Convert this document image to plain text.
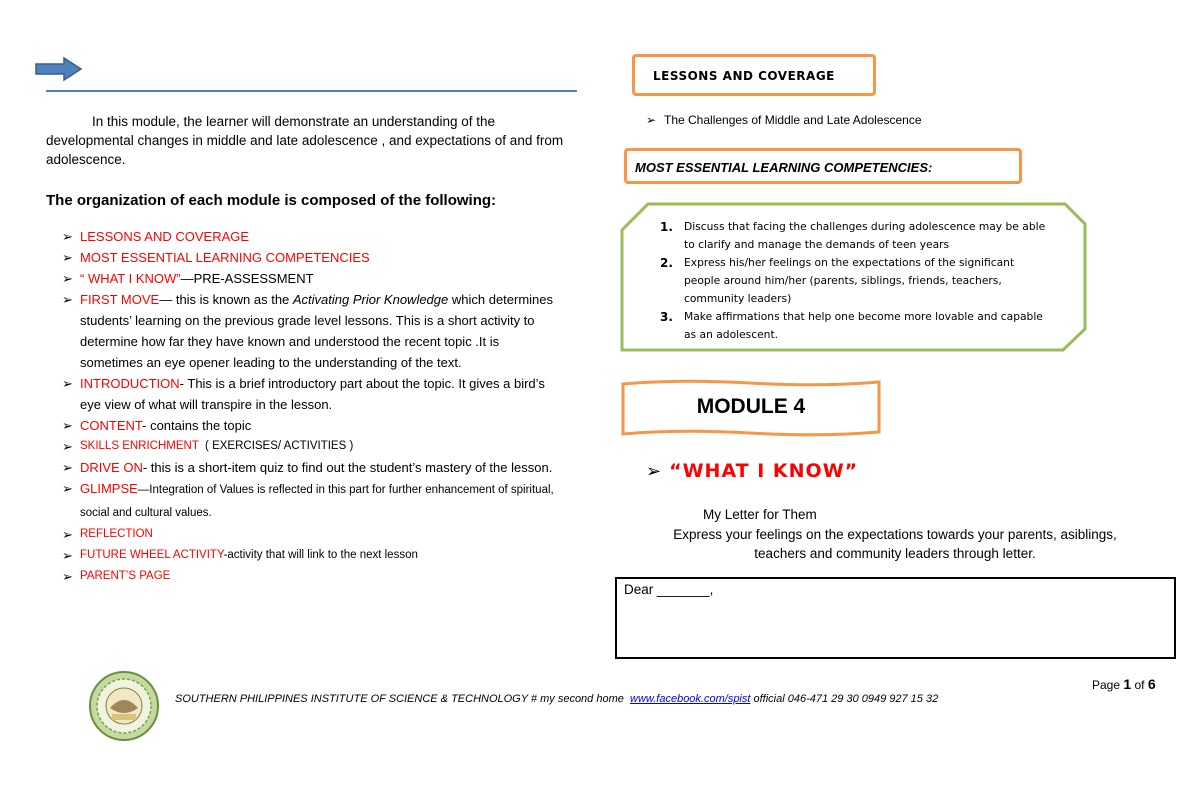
In this module, the learner will demonstrate an understanding of the developmental changes in middle and late adolescence , and expectations of and from adolescence.
The organization of each module is composed of the following:
➢ LESSONS AND COVERAGE
➢ MOST ESSENTIAL LEARNING COMPETENCIES
➢ “ WHAT I KNOW”—PRE-ASSESSMENT
➢ FIRST MOVE— this is known as the Activating Prior Knowledge which determines students’ learning on the previous grade level lessons. This is a short activity to determine how far they have known and understood the recent topic .It is sometimes an eye opener leading to the understanding of the text.
➢ INTRODUCTION- This is a brief introductory part about the topic. It gives a bird’s eye view of what will transpire in the lesson.
➢ CONTENT- contains the topic
➢ SKILLS ENRICHMENT  ( EXERCISES/ ACTIVITIES )
➢ DRIVE ON- this is a short-item quiz to find out the student’s mastery of the lesson.
➢ GLIMPSE—Integration of Values is reflected in this part for further enhancement of spiritual, social and cultural values.
➢ REFLECTION
➢ FUTURE WHEEL ACTIVITY-activity that will link to the next lesson
➢ PARENT’S PAGE
LESSONS AND COVERAGE
➢ The Challenges of Middle and Late Adolescence
MOST ESSENTIAL LEARNING COMPETENCIES:
1.	Discuss that facing the challenges during adolescence may be able to clarify and manage the demands of teen years
2.	Express his/her feelings on the expectations of the significant people around him/her (parents, siblings, friends, teachers, community leaders)
3.	Make affirmations that help one become more lovable and capable as an adolescent.
MODULE 4
➢ “WHAT I KNOW”
My Letter for Them
Express your feelings on the expectations towards your parents, asiblings, teachers and community leaders through letter.
Dear _______,
Page 1 of 6
SOUTHERN PHILIPPINES INSTITUTE OF SCIENCE & TECHNOLOGY # my second home www.facebook.com/spist official 046-471 29 30 0949 927 15 32
